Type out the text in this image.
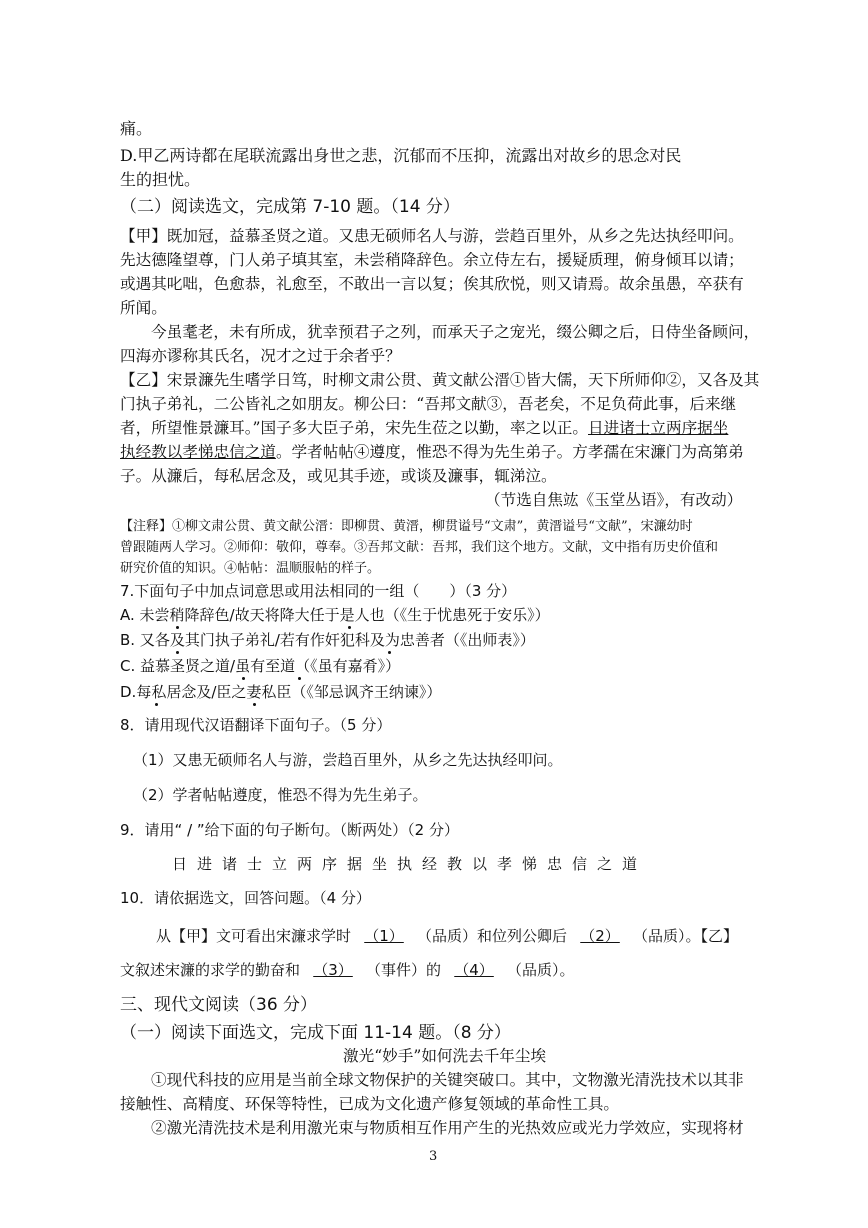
痛。
D.甲乙两诗都在尾联流露出身世之悲，沉郁而不压抑，流露出对故乡的思念对民
生的担忧。
（二）阅读选文，完成第 7-10 题。（14 分）
【甲】既加冠，益慕圣贤之道。又患无硕师名人与游，尝趋百里外，从乡之先达执经叩问。
先达德隆望尊，门人弟子填其室，未尝稍降辞色。余立侍左右，援疑质理，俯身倾耳以请；
或遇其叱咄，色愈恭，礼愈至，不敢出一言以复；俟其欣悦，则又请焉。故余虽愚，卒获有
所闻。
今虽耄老，未有所成，犹幸预君子之列，而承天子之宠光，缀公卿之后，日侍坐备顾问，
四海亦谬称其氏名，况才之过于余者乎？
【乙】宋景濂先生嗜学日笃，时柳文肃公贯、黄文献公溍①皆大儒，天下所师仰②，又各及其
门执子弟礼，二公皆礼之如朋友。柳公曰：“吾邦文献③，吾老矣，不足负荷此事，后来继
者，所望惟景濂耳。”国子多大臣子弟，宋先生莅之以勤，率之以正。日进诸士立两序据坐
执经教以孝悌忠信之道。学者帖帖④遵度，惟恐不得为先生弟子。方孝孺在宋濂门为高第弟
子。从濂后，每私居念及，或见其手迹，或谈及濂事，辄涕泣。
（节选自焦竑《玉堂丛语》，有改动）
【注释】①柳文肃公贯、黄文献公溍：即柳贯、黄溍，柳贯谥号“文肃”，黄溍谥号“文献”，宋濂幼时
曾跟随两人学习。②师仰：敬仰，尊奉。③吾邦文献：吾邦，我们这个地方。文献，文中指有历史价值和
研究价值的知识。④帖帖：温顺服帖的样子。
7.下面句子中加点词意思或用法相同的一组（　　）（3 分）
A. 未尝稍降辞色/故天将降大任于是人也（《生于忧患死于安乐》）
B. 又各及其门执子弟礼/若有作奸犯科及为忠善者（《出师表》）
C. 益慕圣贤之道/虽有至道（《虽有嘉肴》）
D.每私居念及/臣之妻私臣（《邹忌讽齐王纳谏》）
8．请用现代汉语翻译下面句子。（5 分）
（1）又患无硕师名人与游，尝趋百里外，从乡之先达执经叩问。
（2）学者帖帖遵度，惟恐不得为先生弟子。
9．请用“ / ”给下面的句子断句。（断两处）（2 分）
日进诸士立两序据坐执经教以孝悌忠信之道
10．请依据选文，回答问题。（4 分）
从【甲】文可看出宋濂求学时 （1） （品质）和位列公卿后 （2） （品质）。【乙】
文叙述宋濂的求学的勤奋和 （3） （事件）的 （4） （品质）。
三、现代文阅读（36 分）
（一）阅读下面选文，完成下面 11-14 题。（8 分）
激光“妙手”如何洗去千年尘埃
①现代科技的应用是当前全球文物保护的关键突破口。其中，文物激光清洗技术以其非
接触性、高精度、环保等特性，已成为文化遗产修复领域的革命性工具。
②激光清洗技术是利用激光束与物质相互作用产生的光热效应或光力学效应，实现将材
3
